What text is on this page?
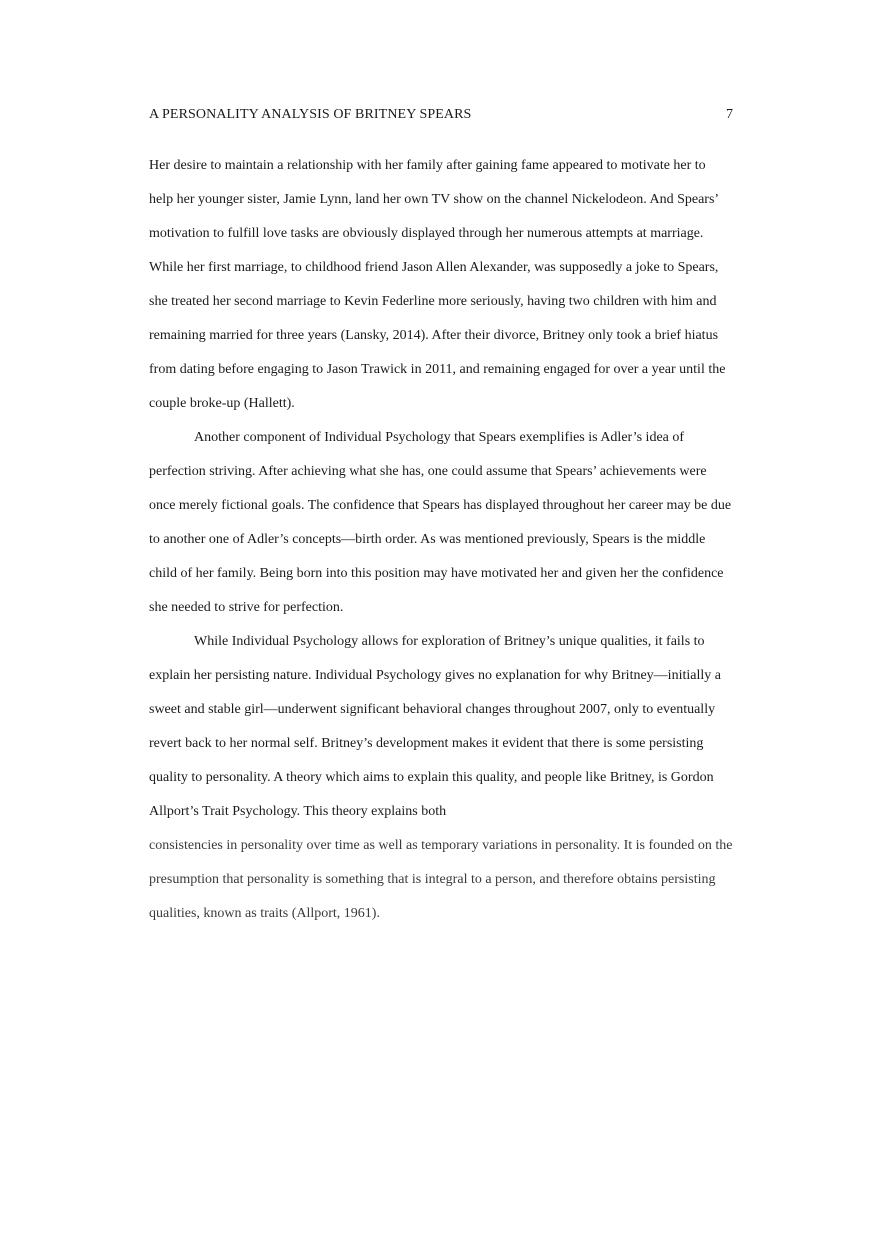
A PERSONALITY ANALYSIS OF BRITNEY SPEARS	7

Her desire to maintain a relationship with her family after gaining fame appeared to motivate her to help her younger sister, Jamie Lynn, land her own TV show on the channel Nickelodeon. And Spears’ motivation to fulfill love tasks are obviously displayed through her numerous attempts at marriage. While her first marriage, to childhood friend Jason Allen Alexander, was supposedly a joke to Spears, she treated her second marriage to Kevin Federline more seriously, having two children with him and remaining married for three years (Lansky, 2014). After their divorce, Britney only took a brief hiatus from dating before engaging to Jason Trawick in 2011, and remaining engaged for over a year until the couple broke-up (Hallett).

Another component of Individual Psychology that Spears exemplifies is Adler’s idea of perfection striving. After achieving what she has, one could assume that Spears’ achievements were once merely fictional goals. The confidence that Spears has displayed throughout her career may be due to another one of Adler’s concepts—birth order. As was mentioned previously, Spears is the middle child of her family. Being born into this position may have motivated her and given her the confidence she needed to strive for perfection.

While Individual Psychology allows for exploration of Britney’s unique qualities, it fails to explain her persisting nature. Individual Psychology gives no explanation for why Britney—initially a sweet and stable girl—underwent significant behavioral changes throughout 2007, only to eventually revert back to her normal self. Britney’s development makes it evident that there is some persisting quality to personality. A theory which aims to explain this quality, and people like Britney, is Gordon Allport’s Trait Psychology. This theory explains both

consistencies in personality over time as well as temporary variations in personality. It is founded on the presumption that personality is something that is integral to a person, and therefore obtains persisting qualities, known as traits (Allport, 1961).
